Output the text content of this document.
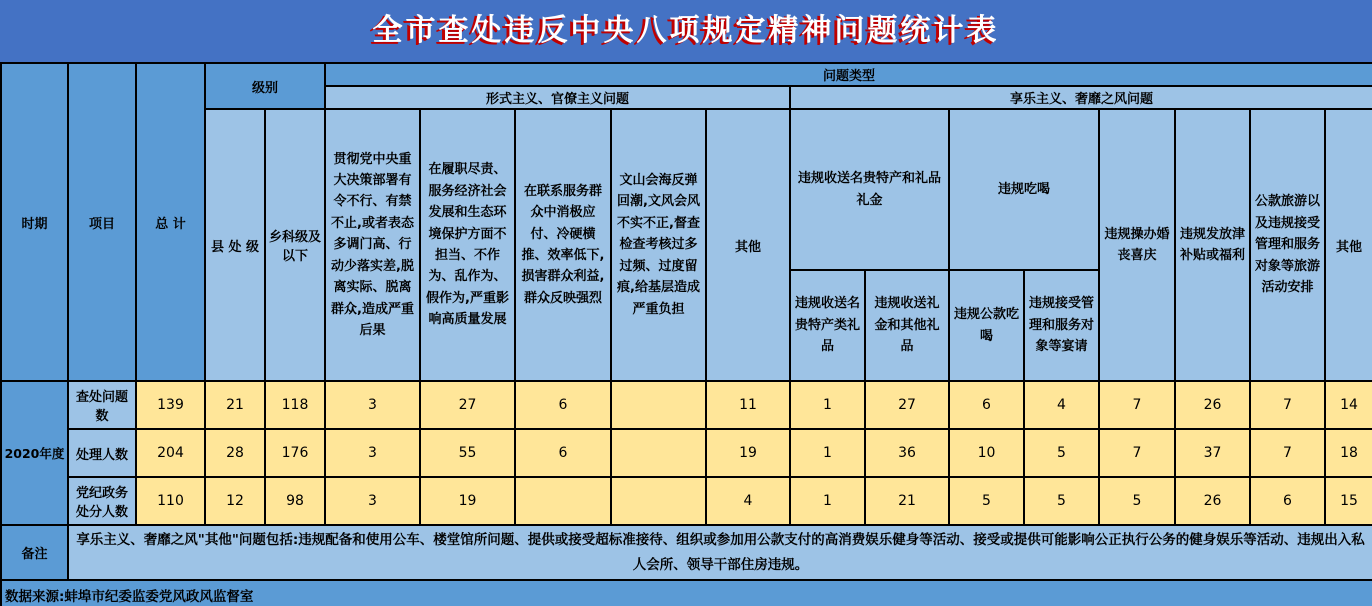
全市查处违反中央八项规定精神问题统计表
时期	项目	总 计	级别		问题类型												
					形式主义、官僚主义问题					享乐主义、奢靡之风问题							
			县 处 级	乡科级及以下	贯彻党中央重大决策部署有令不行、有禁不止,或者表态多调门高、行动少落实差,脱离实际、脱离群众,造成严重后果	在履职尽责、服务经济社会发展和生态环境保护方面不担当、不作为、乱作为、假作为,严重影响高质量发展	在联系服务群众中消极应付、冷硬横推、效率低下,损害群众利益,群众反映强烈	文山会海反弹回潮,文风会风不实不正,督查检查考核过多过频、过度留痕,给基层造成严重负担	其他	违规收送名贵特产和礼品礼金		违规吃喝		违规操办婚丧喜庆	违规发放津补贴或福利	公款旅游以及违规接受管理和服务对象等旅游活动安排	其他
										违规收送名贵特产类礼品	违规收送礼金和其他礼品	违规公款吃喝	违规接受管理和服务对象等宴请				
2020年度	查处问题数	139	21	118	3	27	6		11	1	27	6	4	7	26	7	14
	处理人数	204	28	176	3	55	6		19	1	36	10	5	7	37	7	18
	党纪政务处分人数	110	12	98	3	19			4	1	21	5	5	5	26	6	15
备注	享乐主义、奢靡之风"其他"问题包括:违规配备和使用公车、楼堂馆所问题、提供或接受超标准接待、组织或参加用公款支付的高消费娱乐健身等活动、接受或提供可能影响公正执行公务的健身娱乐等活动、违规出入私人会所、领导干部住房违规。																
数据来源:蚌埠市纪委监委党风政风监督室																	
